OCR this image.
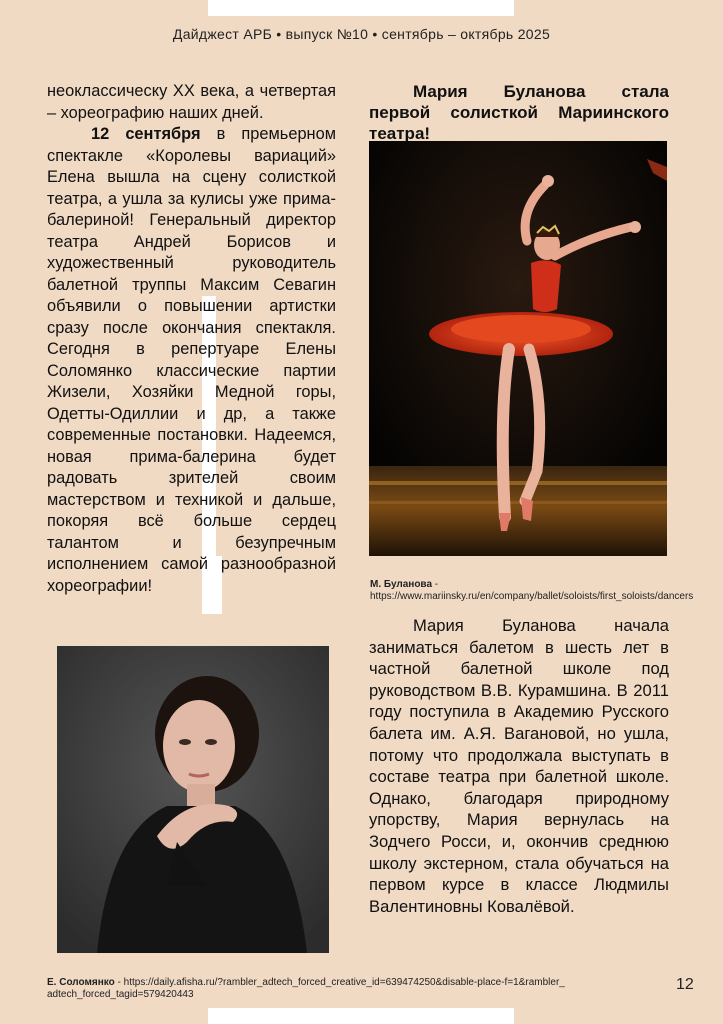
Дайджест АРБ • выпуск №10 • сентябрь – октябрь 2025

неоклассическу XX века, а четвертая – хореографию наших дней.

12 сентября в премьерном спектакле «Королевы вариаций» Елена вышла на сцену солисткой театра, а ушла за кулисы уже прима-балериной! Генеральный директор театра Андрей Борисов и художественный руководитель балетной труппы Максим Севагин объявили о повышении артистки сразу после окончания спектакля. Сегодня в репертуаре Елены Соломянко классические партии Жизели, Хозяйки Медной горы, Одетты-Одиллии и др, а также современные постановки. Надеемся, новая прима-балерина будет радовать зрителей своим мастерством и техникой и дальше, покоряя всё больше сердец талантом и безупречным исполнением самой разнообразной хореографии!

Мария Буланова стала первой солисткой Мариинского театра!
М. Буланова -
https://www.mariinsky.ru/en/company/ballet/soloists/first_soloists/dancers

Мария Буланова начала заниматься балетом в шесть лет в частной балетной школе под руководством В.В. Курамшина. В 2011 году поступила в Академию Русского балета им. А.Я. Вагановой, но ушла, потому что продолжала выступать в составе театра при балетной школе. Однако, благодаря природному упорству, Мария вернулась на Зодчего Росси, и, окончив среднюю школу экстерном, стала обучаться на первом курсе в классе Людмилы Валентиновны Ковалёвой.

Е. Соломянко - https://daily.afisha.ru/?rambler_adtech_forced_creative_id=639474250&disable-place-f=1&rambler_adtech_forced_tagid=579420443
12
